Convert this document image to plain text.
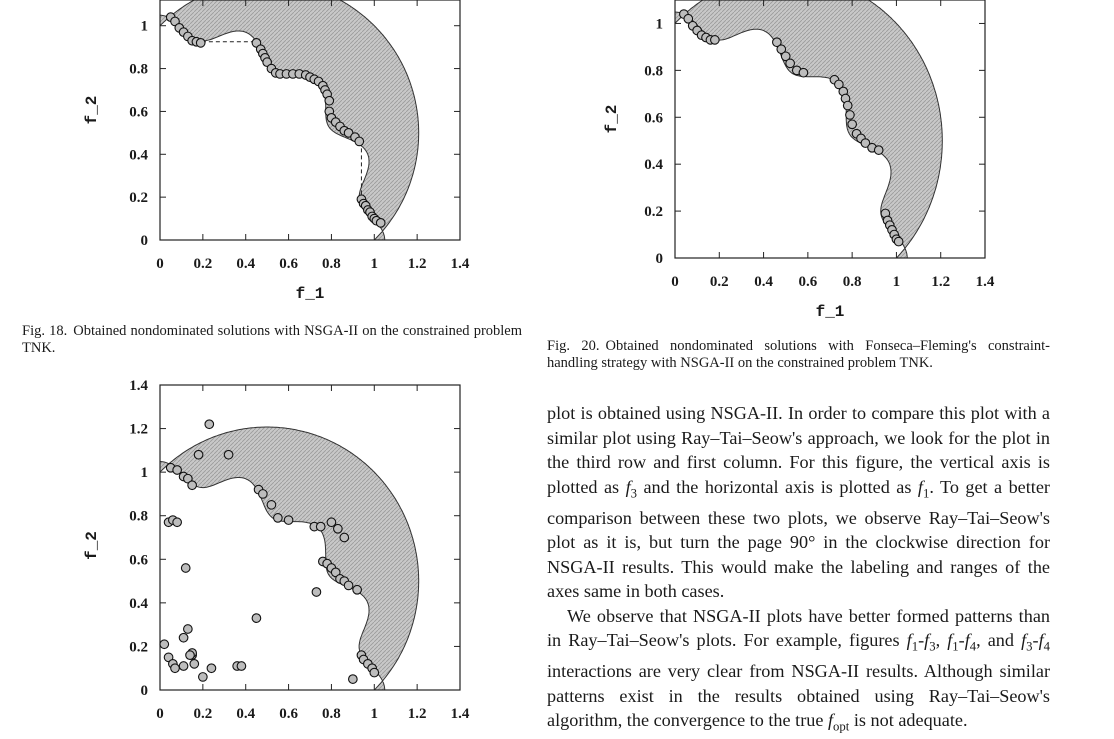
0 0.2 0.4 0.6 0.8 1 1.2 1.4
0
0.2
0.4
0.6
0.8
1
f_1
f_2
0 0.2 0.4 0.6 0.8 1 1.2 1.4
0
0.2
0.4
0.6
0.8
1
f_1
f_2
0 0.2 0.4 0.6 0.8 1 1.2 1.4
0
0.2
0.4
0.6
0.8
1
1.2
1.4
f_2

Fig. 18. Obtained nondominated solutions with NSGA-II on the constrained problem TNK.	Fig. 20. Obtained nondominated solutions with Fonseca–Fleming's constraint-handling strategy with NSGA-II on the constrained problem TNK.

plot is obtained using NSGA-II. In order to compare this plot with a similar plot using Ray–Tai–Seow's approach, we look for the plot in the third row and first column. For this figure, the vertical axis is plotted as $f_3$ and the horizontal axis is plotted as $f_1$. To get a better comparison between these two plots, we observe Ray–Tai–Seow's plot as it is, but turn the page 90° in the clockwise direction for NSGA-II results. This would make the labeling and ranges of the axes same in both cases.

We observe that NSGA-II plots have better formed patterns than in Ray–Tai–Seow's plots. For example, figures $f_1-f_3$, $f_1-f_4$, and $f_3-f_4$ interactions are very clear from NSGA-II results. Although similar patterns exist in the results obtained using Ray–Tai–Seow's algorithm, the convergence to the true $f_{opt}$ is not adequate.
